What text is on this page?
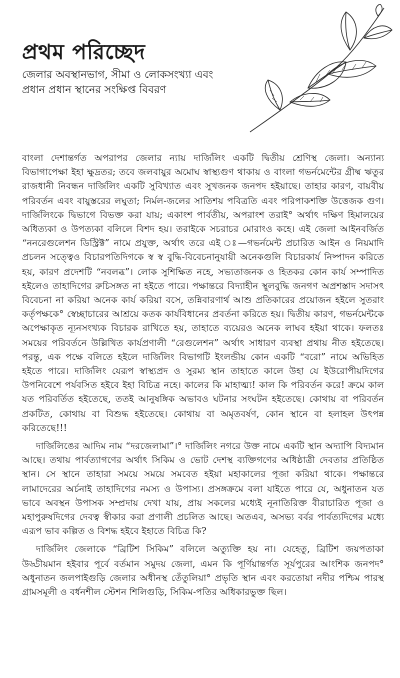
প্রথম পরিচ্ছেদ
জেলার অবস্থানভাগ, সীমা ও লোকসংখ্যা এবং
প্রধান প্রধান স্থানের সংক্ষিপ্ত বিবরণ

বাংলা দেশান্তর্গত অপরাপর জেলার ন্যায় দার্জিলিং একটি দ্বিতীয় শ্রেণিস্থ জেলা। অন্যান্য বিভাগাপেক্ষা ইহা ক্ষুদ্রতর; তবে জলবায়ুর অমোঘ স্বাস্থ্যগুণ থাকায় ও বাংলা গভর্নমেন্টের গ্রীষ্ম ঋতুর রাজধানী নিবন্ধন দার্জিলিং একটি সুবিখ্যাত এবং সুখজনক জনপদ হইয়াছে। তাহার কারণ, বায়বীয় পরিবর্তন এবং বায়ুস্তরের লঘুতা; নির্মল-জলের সাতিশয় পবিত্রতি এবং পরিপাকশক্তি উত্তেজক গুণ। দার্জিলিংকে দ্বিভাগে বিভক্ত করা যায়; একাংশ পার্বতীয়, অপরাংশ তরাই° অর্থাৎ দক্ষিণ হিমালয়ের অধিত্যকা ও উপত্যকা বলিলে বিশদ হয়। তরাইকে সচরাচর মোরাংও কহে। এই জেলা আইনবর্জিত “ননরেগুলেশন ডিস্ট্রিক্ট” নামে প্রযুক্ত, অর্থাৎ তরে এই ঃ—গভর্নমেন্ট প্রচারিত আইন ও নিয়মাদি প্রচলন সত্ত্বেও বিচারপতিদিগকে স্ব স্ব বুদ্ধি-বিবেচনানুযায়ী অনেকগুলি বিচারকার্য নিষ্পাদন করিতে হয়, কারণ প্রদেশটি “নবলব্ধ”। লোক সুশিক্ষিত নহে, সভ্যতাজনক ও হিতকর কোন কার্য সম্পাদিত হইলেও তাহাদিগের রুচিসঙ্গত না হইতে পারে। পক্ষান্তরে বিদ্যাহীন স্থূলবুদ্ধি জনগণ অপ্রশস্তাদ সদাসৎ বিবেচনা না করিয়া অনেক কার্য করিয়া বসে, তন্নিবারণার্থ আশু প্রতিকারের প্রয়োজন হইলে সুতরাং কর্তৃপক্ষকে° স্বেচ্ছাচারের আশ্রয়ে কতক কার্যবিধানের প্রবর্তনা করিতে হয়। দ্বিতীয় কারণ, গভর্নমেন্টকে অপেক্ষাকৃত ন্যূনসংখ্যক বিচারক রাখিতে হয়, তাহাতে ব্যয়েরও অনেক লাঘব হইয়া থাকে। ফলতঃ সময়ের পরিবর্তনে উল্লিখিত কার্যপ্রণালী “রেগুলেশন” অর্থাৎ সাধারণ ব্যবস্থা প্রথায় নীত হইতেছে। পরন্তু, এক পক্ষে বলিতে হইলে দার্জিলিং বিভাগটি ইংলন্ডীয় কোন একটি “বরো” নামে অভিহিত হইতে পারে। দার্জিলিং যেরূপ স্বাস্থ্যপ্রদ ও সুরম্য স্থান তাহাতে কালে উহা যে ইউরোপীয়দিগের উপনিবেশে পর্যবসিত হইবে ইহা বিচিত্র নহে। কালের কি মাহাত্ম্য! কাল কি পরিবর্তন করে! ক্রমে কাল যত পরিবর্তিত হইতেছে, ততই আনুষঙ্গিক অভাবও ঘটনার সংঘটন হইতেছে। কোথায় বা পরিবর্তন প্রকটিত, কোথায় বা বিশুদ্ধ হইতেছে। কোথায় বা অমৃতবর্ষণ, কোন স্থানে বা হলাহল উৎপন্ন করিতেছে!!!

দার্জিলিঙের আদিম নাম “দরজেলামা”।° দার্জিলিং নগরে উক্ত নামে একটি স্থান অদ্যাপি বিদ্যমান আছে। তথায় পার্বত্যাগণের অর্থাৎ সিকিম ও ভোট দেশস্থ ব্যক্তিগণের অধিষ্ঠাত্রী দেবতার প্রতিষ্ঠিত স্থান। সে স্থানে তাহারা সময়ে সময়ে সমবেত হইয়া মহাকালের পূজা করিয়া থাকে। পক্ষান্তরে লামাদেরের অর্চনাই তাহাদিগের নমস্য ও উপাস্য। প্রসঙ্গক্রমে বলা যাইতে পারে যে, অধুনাতন যত ভাবে অবস্থন উপাসক সম্প্রদায় দেখা যায়, প্রায় সকলের মধ্যেই নূনাতিরিক্ত বীরাচারিত পূজা ও মহাপুরুষদিগের দেবত্ব স্বীকার করা প্রণালী প্রচলিত আছে। অতএব, অসভ্য বর্বর পার্বত্যদিগের মধ্যে এরূপ ভাব কল্পিত ও বিশদ্ধ হইবে ইহাতে বিচিত্র কি?

দার্জিলিং জেলাকে “ব্রিটিশ সিকিম” বলিলে অত্যুক্তি হয় না। যেহেতু, ব্রিটিশ জয়পতাকা উড্ডীয়মান হইবার পূর্বে বর্তমান সমুদয় জেলা, এমন কি পূর্ণিয়ান্তর্গত সূর্যপুরের আংশিক জনপদ° অধুনাতন জলপাইগুড়ি জেলার অধীনস্থ তেঁতুলিয়া° প্রভৃতি স্থান এবং করতোয়া নদীর পশ্চিম পারস্থ গ্রামসমূলী ও বর্ধনশীল স্টেশন শিলিগুড়ি, সিকিম-পতির অধিকারভুক্ত ছিল।
